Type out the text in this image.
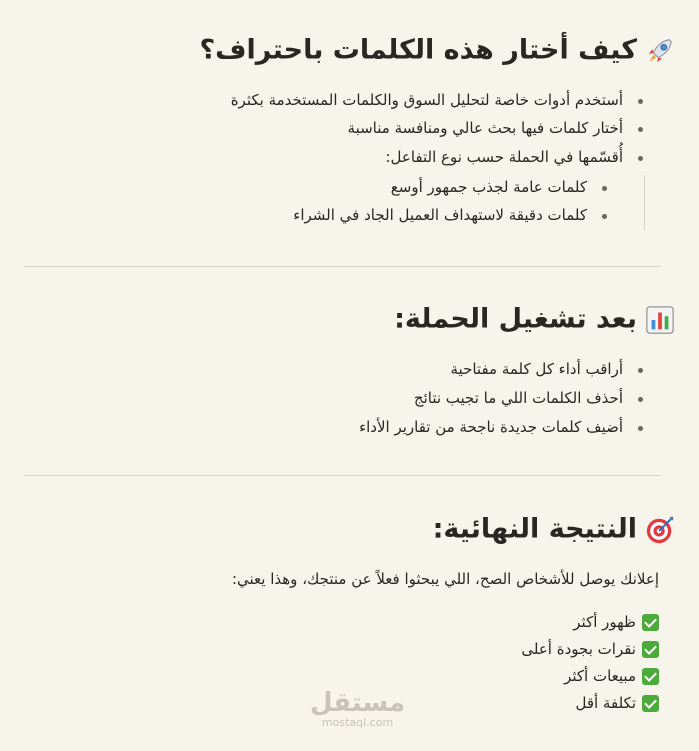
كيف أختار هذه الكلمات باحتراف؟
أستخدم أدوات خاصة لتحليل السوق والكلمات المستخدمة بكثرة
أختار كلمات فيها بحث عالي ومنافسة مناسبة
أُقسّمها في الحملة حسب نوع التفاعل:
كلمات عامة لجذب جمهور أوسع
كلمات دقيقة لاستهداف العميل الجاد في الشراء
بعد تشغيل الحملة:
أراقب أداء كل كلمة مفتاحية
أحذف الكلمات اللي ما تجيب نتائج
أضيف كلمات جديدة ناجحة من تقارير الأداء
النتيجة النهائية:

إعلانك يوصل للأشخاص الصح، اللي يبحثوا فعلاً عن منتجك، وهذا يعني:

ظهور أكثر
نقرات بجودة أعلى
مبيعات أكثر
تكلفة أقل
مستقل
mostaql.com
